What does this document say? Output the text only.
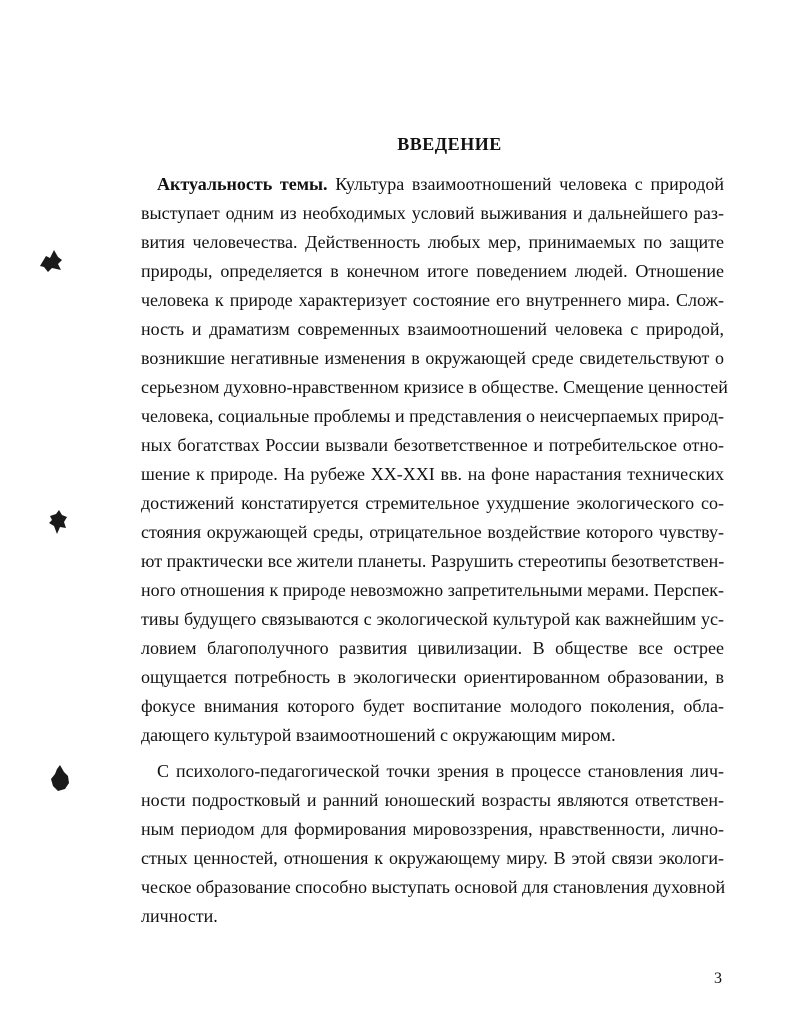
ВВЕДЕНИЕ
Актуальность темы. Культура взаимоотношений человека с природой
выступает одним из необходимых условий выживания и дальнейшего раз-
вития человечества. Действенность любых мер, принимаемых по защите
природы, определяется в конечном итоге поведением людей. Отношение
человека к природе характеризует состояние его внутреннего мира. Слож-
ность и драматизм современных взаимоотношений человека с природой,
возникшие негативные изменения в окружающей среде свидетельствуют о
серьезном духовно-нравственном кризисе в обществе. Смещение ценностей
человека, социальные проблемы и представления о неисчерпаемых природ-
ных богатствах России вызвали безответственное и потребительское отно-
шение к природе. На рубеже XX-XXI вв. на фоне нарастания технических
достижений констатируется стремительное ухудшение экологического со-
стояния окружающей среды, отрицательное воздействие которого чувству-
ют практически все жители планеты. Разрушить стереотипы безответствен-
ного отношения к природе невозможно запретительными мерами. Перспек-
тивы будущего связываются с экологической культурой как важнейшим ус-
ловием благополучного развития цивилизации. В обществе все острее
ощущается потребность в экологически ориентированном образовании, в
фокусе внимания которого будет воспитание молодого поколения, обла-
дающего культурой взаимоотношений с окружающим миром.
С психолого-педагогической точки зрения в процессе становления лич-
ности подростковый и ранний юношеский возрасты являются ответствен-
ным периодом для формирования мировоззрения, нравственности, лично-
стных ценностей, отношения к окружающему миру. В этой связи экологи-
ческое образование способно выступать основой для становления духовной
личности.
3
